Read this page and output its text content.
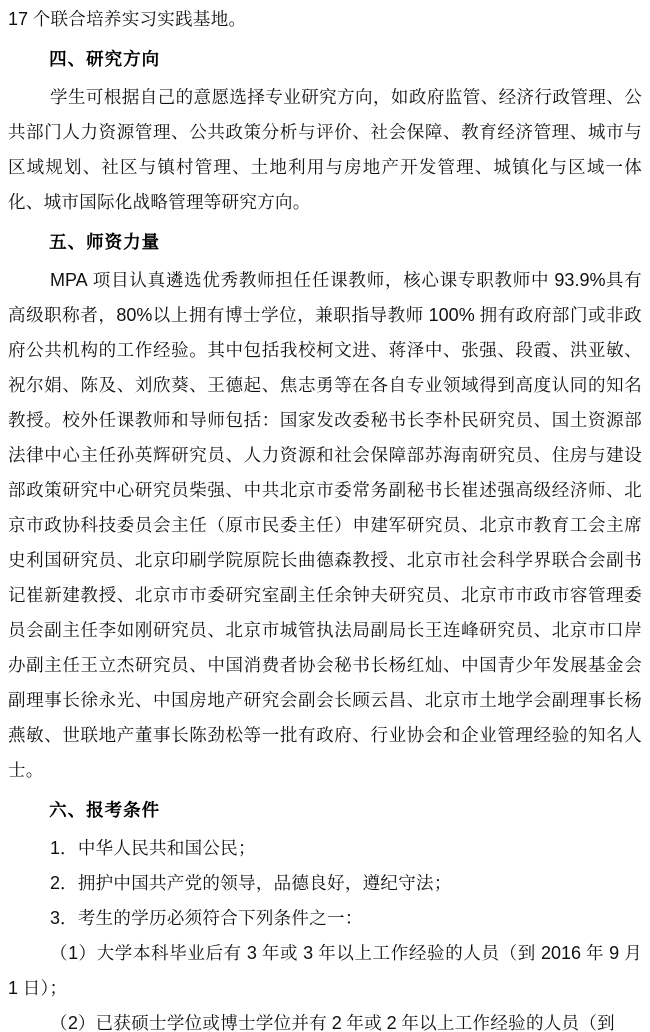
17 个联合培养实习实践基地。

四、研究方向

学生可根据自己的意愿选择专业研究方向，如政府监管、经济行政管理、公共部门人力资源管理、公共政策分析与评价、社会保障、教育经济管理、城市与区域规划、社区与镇村管理、土地利用与房地产开发管理、城镇化与区域一体化、城市国际化战略管理等研究方向。

五、师资力量

MPA 项目认真遴选优秀教师担任任课教师，核心课专职教师中 93.9%具有高级职称者，80%以上拥有博士学位，兼职指导教师 100% 拥有政府部门或非政府公共机构的工作经验。其中包括我校柯文进、蒋泽中、张强、段霞、洪亚敏、祝尔娟、陈及、刘欣葵、王德起、焦志勇等在各自专业领域得到高度认同的知名教授。校外任课教师和导师包括：国家发改委秘书长李朴民研究员、国土资源部法律中心主任孙英辉研究员、人力资源和社会保障部苏海南研究员、住房与建设部政策研究中心研究员柴强、中共北京市委常务副秘书长崔述强高级经济师、北京市政协科技委员会主任（原市民委主任）申建军研究员、北京市教育工会主席史利国研究员、北京印刷学院原院长曲德森教授、北京市社会科学界联合会副书记崔新建教授、北京市市委研究室副主任余钟夫研究员、北京市市政市容管理委员会副主任李如刚研究员、北京市城管执法局副局长王连峰研究员、北京市口岸办副主任王立杰研究员、中国消费者协会秘书长杨红灿、中国青少年发展基金会副理事长徐永光、中国房地产研究会副会长顾云昌、北京市土地学会副理事长杨燕敏、世联地产董事长陈劲松等一批有政府、行业协会和企业管理经验的知名人士。

六、报考条件

1．中华人民共和国公民；

2．拥护中国共产党的领导，品德良好，遵纪守法；

3．考生的学历必须符合下列条件之一：

（1）大学本科毕业后有 3 年或 3 年以上工作经验的人员（到 2016 年 9 月 1 日）；

（2）已获硕士学位或博士学位并有 2 年或 2 年以上工作经验的人员（到
